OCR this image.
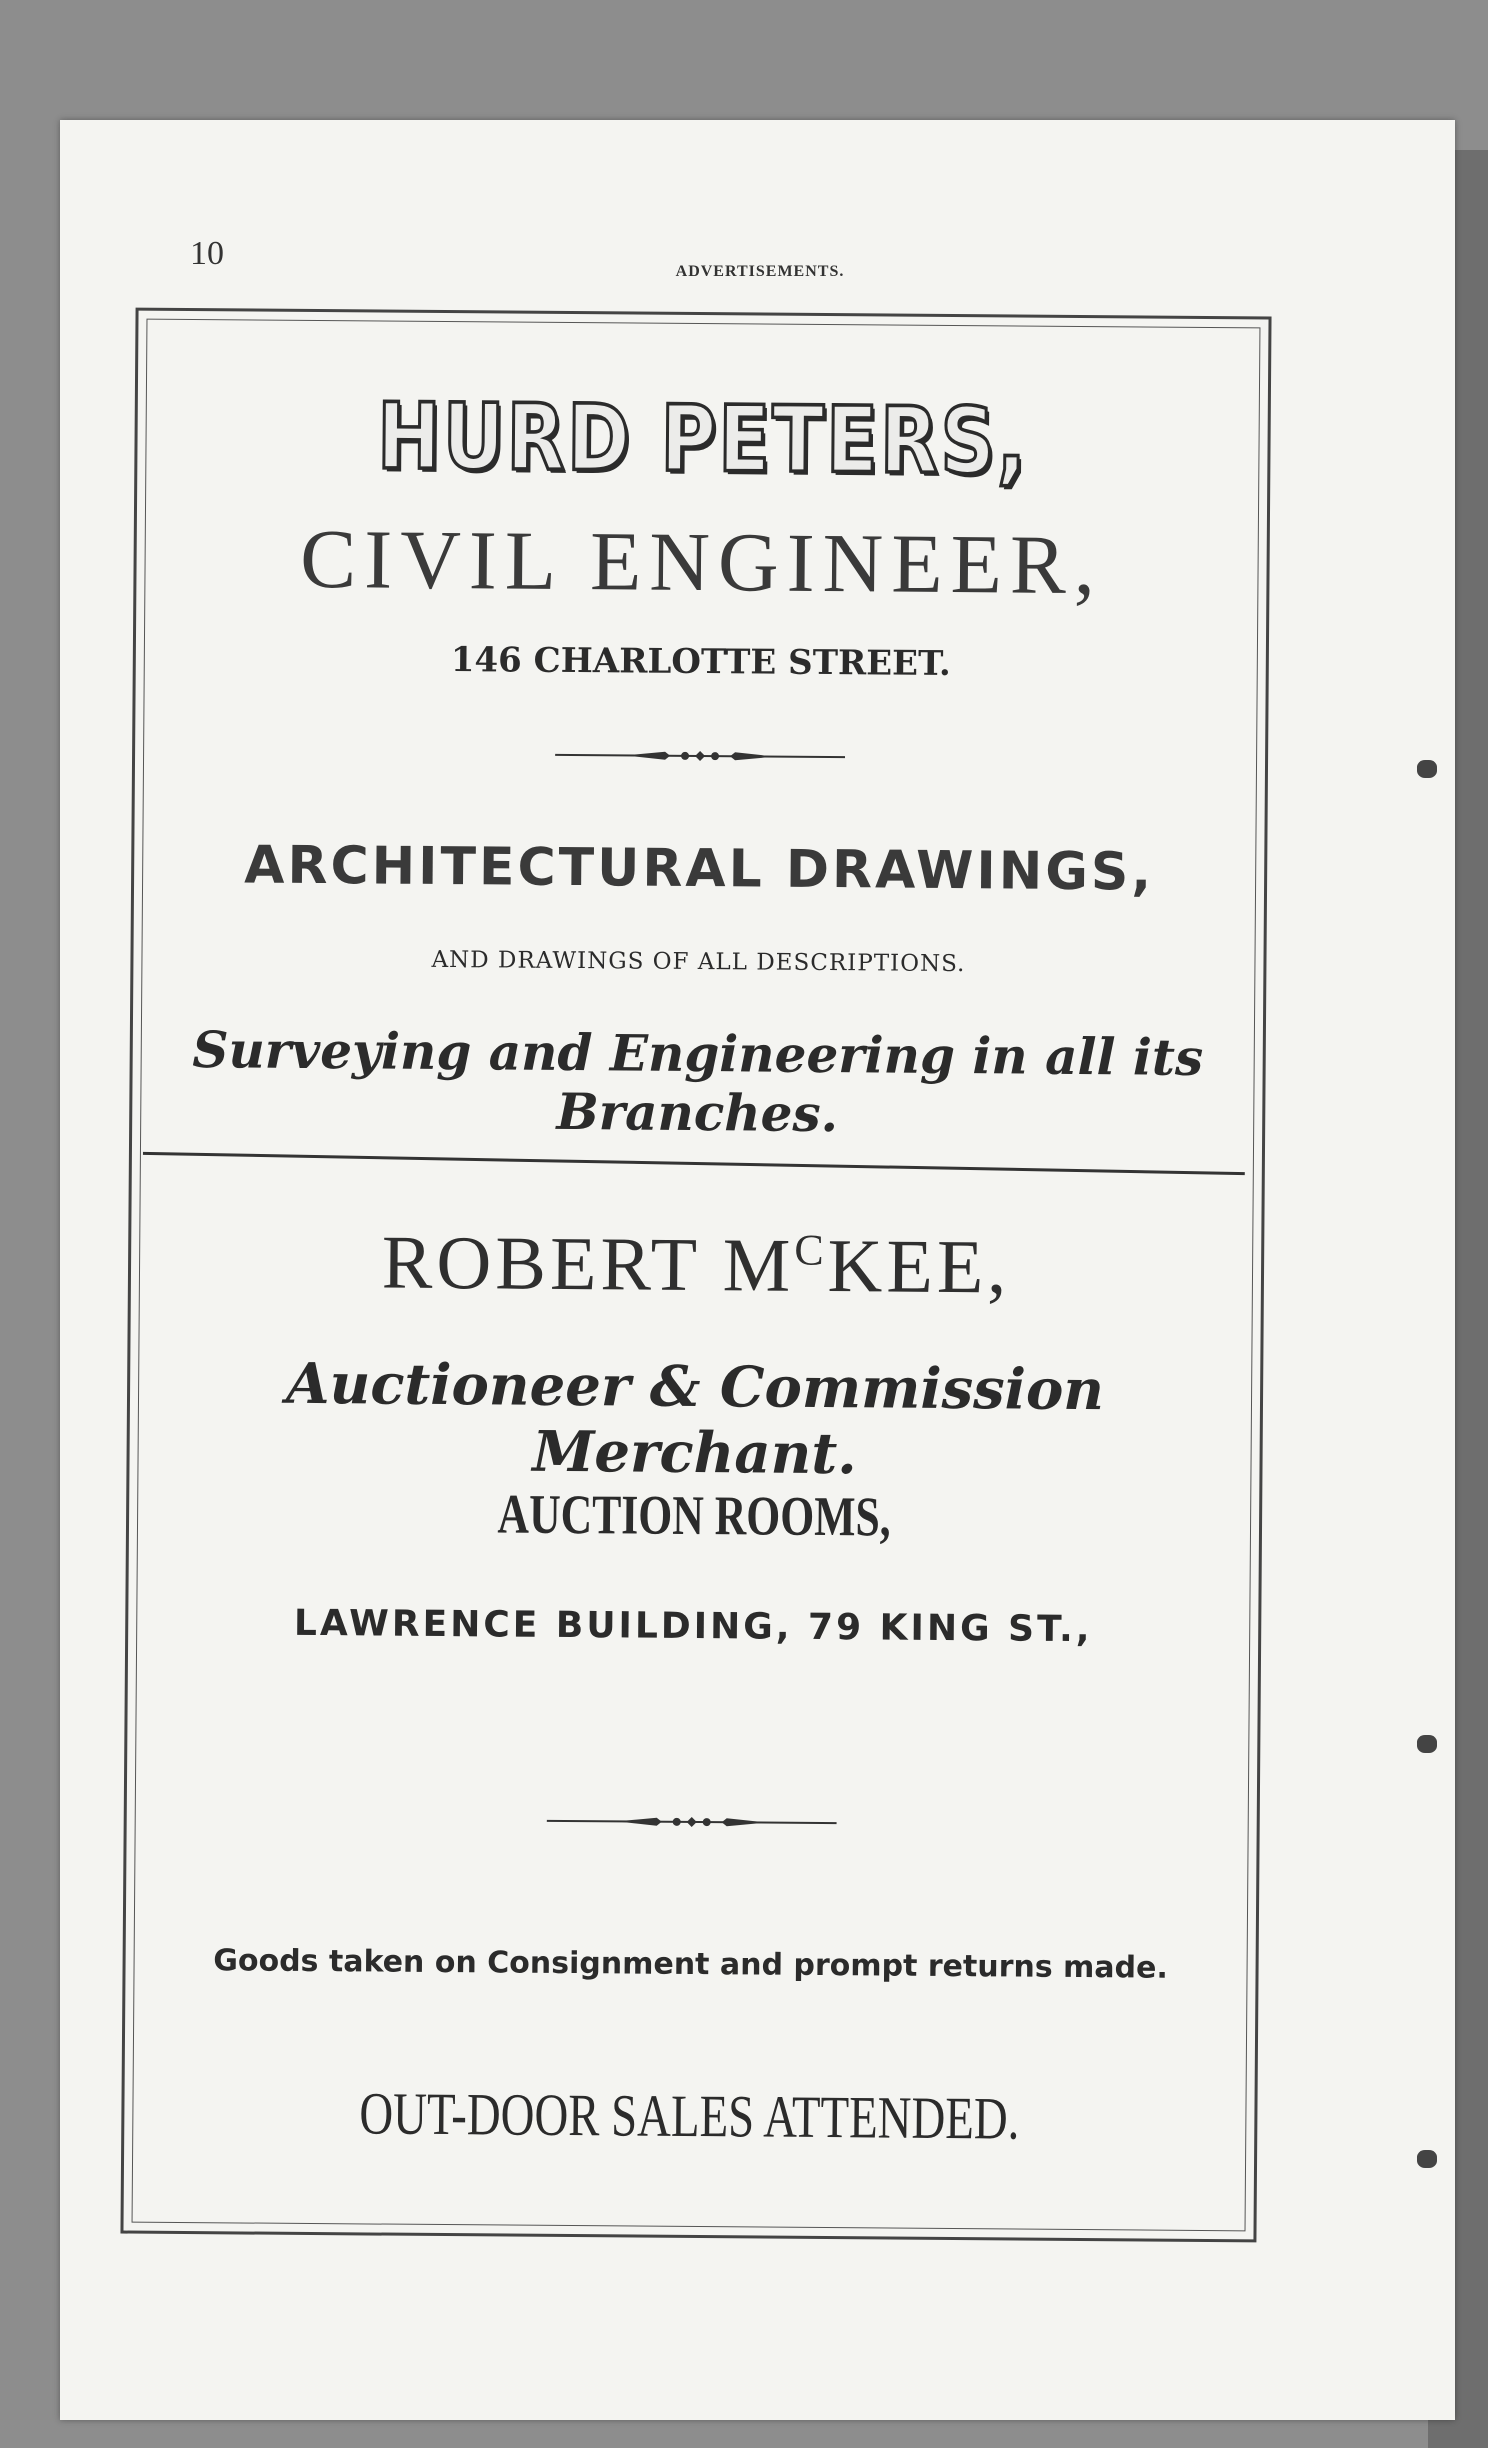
10	ADVERTISEMENTS.
HURD PETERS,
CIVIL ENGINEER,
146 CHARLOTTE STREET.
ARCHITECTURAL DRAWINGS,
AND DRAWINGS OF ALL DESCRIPTIONS.
Surveying and Engineering in all its Branches.
ROBERT $M^CKEE$,
Auctioneer & Commission Merchant.
AUCTION ROOMS,
LAWRENCE BUILDING, 79 KING ST.,
Goods taken on Consignment and prompt returns made.
OUT-DOOR SALES ATTENDED.
